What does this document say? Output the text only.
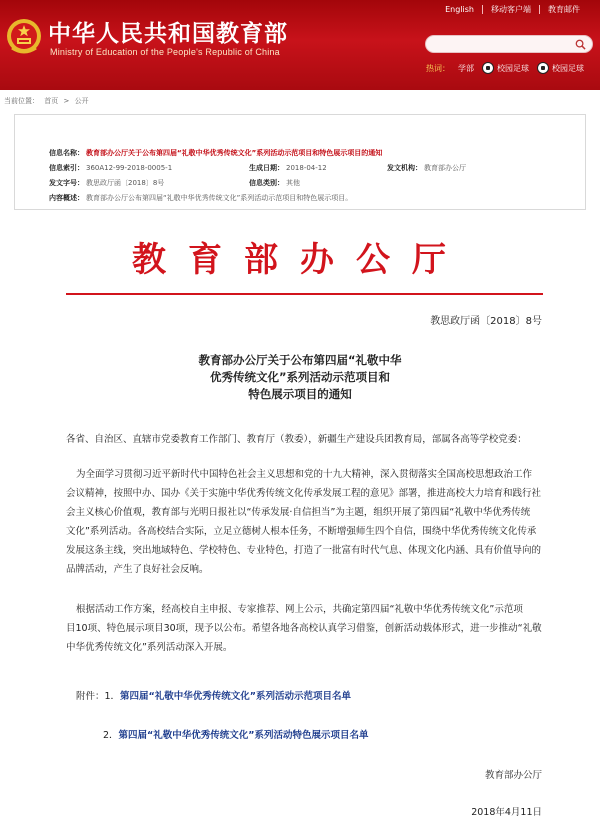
中华人民共和国教育部
Ministry of Education of the People's Republic of China
English	移动客户端	教育邮件
热词： 学部	校园足球	校园足球
当前位置： 首页 > 公开
信息名称： 教育部办公厅关于公布第四届“礼敬中华优秀传统文化”系列活动示范项目和特色展示项目的通知
信息索引： 360A12-99-2018-0005-1	生成日期： 2018-04-12	发文机构： 教育部办公厅
发文字号： 教思政厅函〔2018〕8号	信息类别： 其他
内容概述： 教育部办公厅公布第四届“礼敬中华优秀传统文化”系列活动示范项目和特色展示项目。
教育部办公厅
教思政厅函〔2018〕8号
教育部办公厅关于公布第四届“礼敬中华
优秀传统文化”系列活动示范项目和
特色展示项目的通知
各省、自治区、直辖市党委教育工作部门、教育厅（教委），新疆生产建设兵团教育局，部属各高等学校党委：
为全面学习贯彻习近平新时代中国特色社会主义思想和党的十九大精神，深入贯彻落实全国高校思想政治工作
会议精神，按照中办、国办《关于实施中华优秀传统文化传承发展工程的意见》部署，推进高校大力培育和践行社
会主义核心价值观，教育部与光明日报社以“传承发展·自信担当”为主题，组织开展了第四届“礼敬中华优秀传统
文化”系列活动。各高校结合实际，立足立德树人根本任务，不断增强师生四个自信，围绕中华优秀传统文化传承
发展这条主线，突出地域特色、学校特色、专业特色，打造了一批富有时代气息、体现文化内涵、具有价值导向的
品牌活动，产生了良好社会反响。
根据活动工作方案，经高校自主申报、专家推荐、网上公示，共确定第四届“礼敬中华优秀传统文化”示范项
目10项、特色展示项目30项，现予以公布。希望各地各高校认真学习借鉴，创新活动载体形式，进一步推动“礼敬
中华优秀传统文化”系列活动深入开展。
附件：1．第四届“礼敬中华优秀传统文化”系列活动示范项目名单
2．第四届“礼敬中华优秀传统文化”系列活动特色展示项目名单
教育部办公厅
2018年4月11日
